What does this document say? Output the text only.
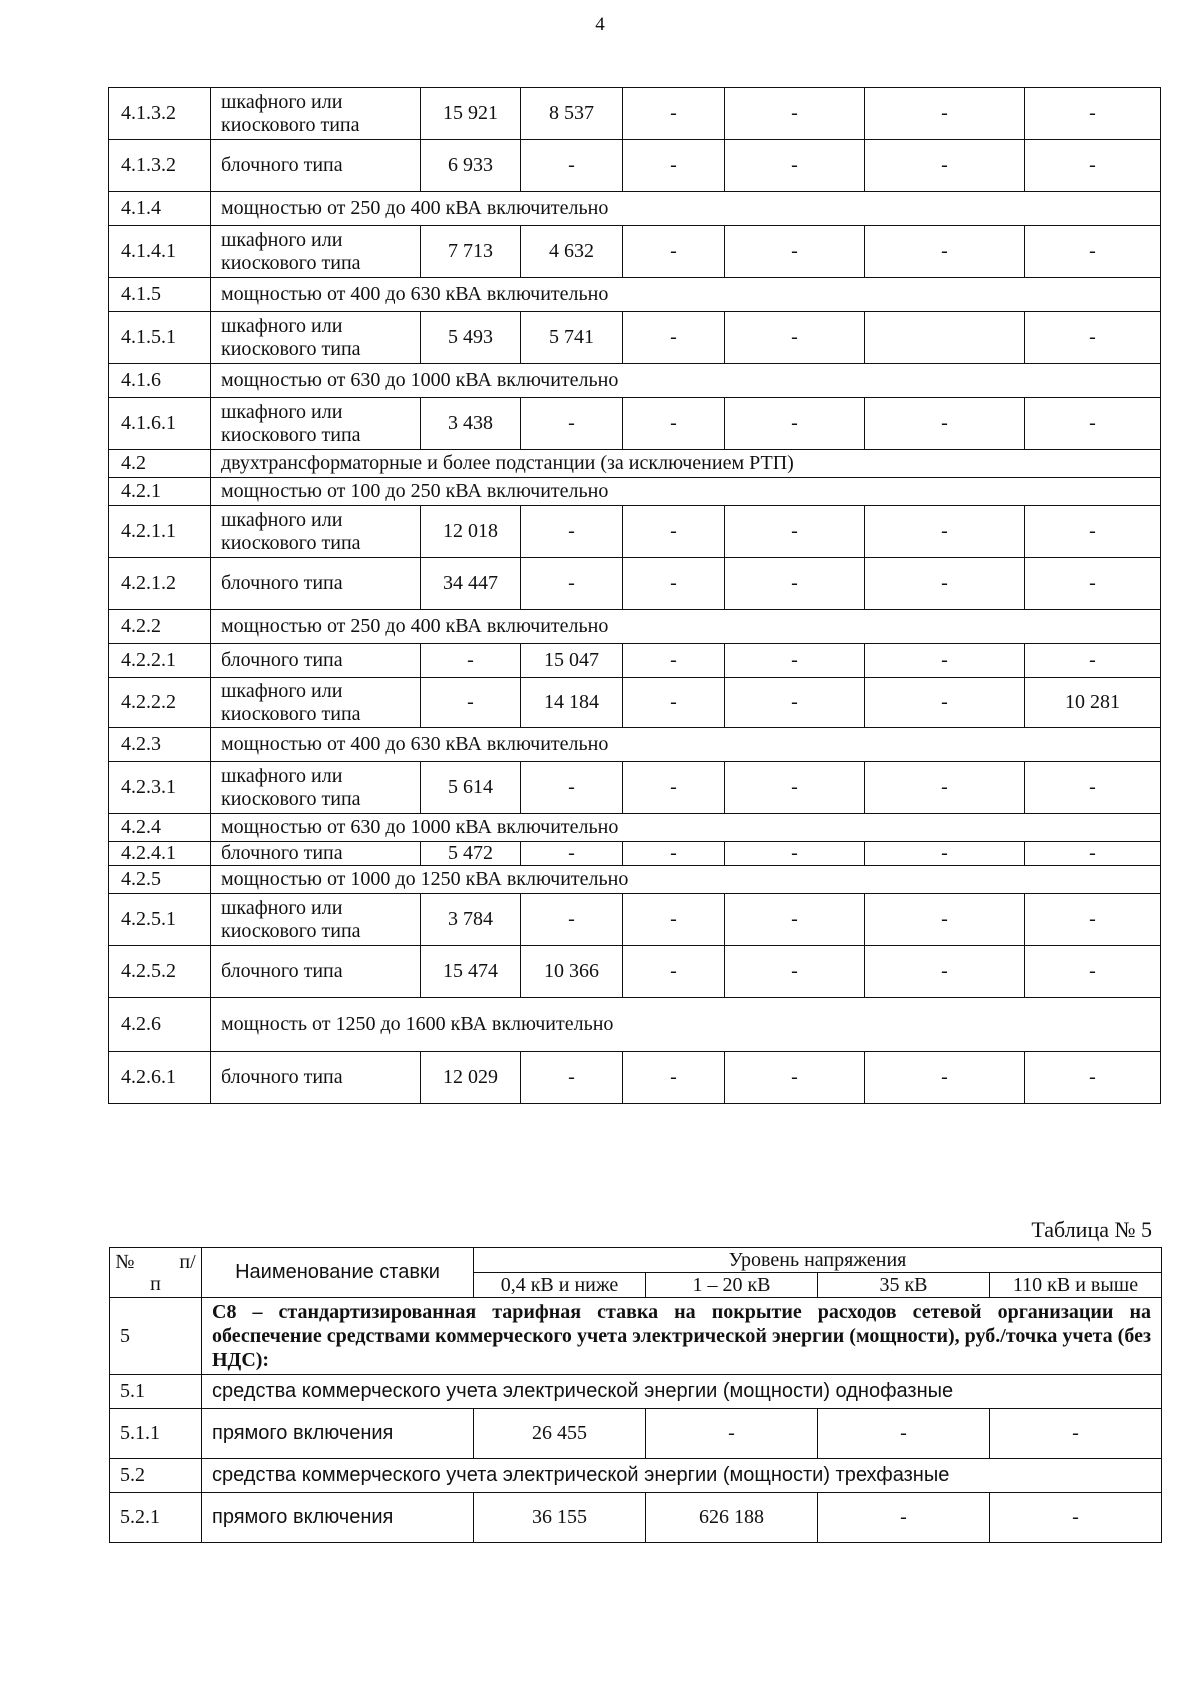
4
4.1.3.2	шкафного или киосковоrо типа	15 921	8 537	-	-	-	-
4.1.3.2	блочного типа	6 933	-	-	-	-	-
4.1.4	мощностью от 250 до 400 кВА включительно						
4.1.4.1	шкафного или киоскового типа	7 713	4 632	-	-	-	-
4.1.5	мощностью от 400 до 630 кВА включительно						
4.1.5.1	шкафного или киоскового типа	5 493	5 741	-	-		-
4.1.6	мощностью от 630 до 1000 кВА включительно						
4.1.6.1	шкафного или киоскового типа	3 438	-	-	-	-	-
4.2	двухтрансформаторные и более подстанции (за исключением РТП)						
4.2.1	мощностью от 100 до 250 кВА включительно						
4.2.1.1	шкафного или киоскового типа	12 018	-	-	-	-	-
4.2.1.2	блочного типа	34 447	-	-	-	-	-
4.2.2	мощностью от 250 до 400 кВА включительно						
4.2.2.1	блочного типа	-	15 047	-	-	-	-
4.2.2.2	шкафного или киоскового типа	-	14 184	-	-	-	10 281
4.2.3	мощностью от 400 до 630 кВА включительно						
4.2.3.1	шкафного или киоскового типа	5 614	-	-	-	-	-
4.2.4	мощностью от 630 до 1000 кВА включительно						
4.2.4.1	блочного типа	5 472	-	-	-	-	-
4.2.5	мощностью от 1000 до 1250 кВА включительно						
4.2.5.1	шкафного или киоскового типа	3 784	-	-	-	-	-
4.2.5.2	блочного типа	15 474	10 366	-	-	-	-
4.2.6	мощность от 1250 до 1600 кВА включительно						
4.2.6.1	блочного типа	12 029	-	-	-	-	-
Таблица № 5
№ п/п	Наименование ставки	Уровень напряжения			
		0,4 кВ и ниже	1 – 20 кВ	35 кВ	110 кВ и выше
5	С8 – стандартизированная тарифная ставка на покрытие расходов сетевой организации на обеспечение средствами коммерческого учета электрической энергии (мощности), руб./точка учета (без НДС):				
5.1	средства коммерческого учета электрической энергии (мощности) однофазные				
5.1.1	прямого включения	26 455	-	-	-
5.2	средства коммерческого учета электрической энергии (мощности) трехфазные				
5.2.1	прямого включения	36 155	626 188	-	-
